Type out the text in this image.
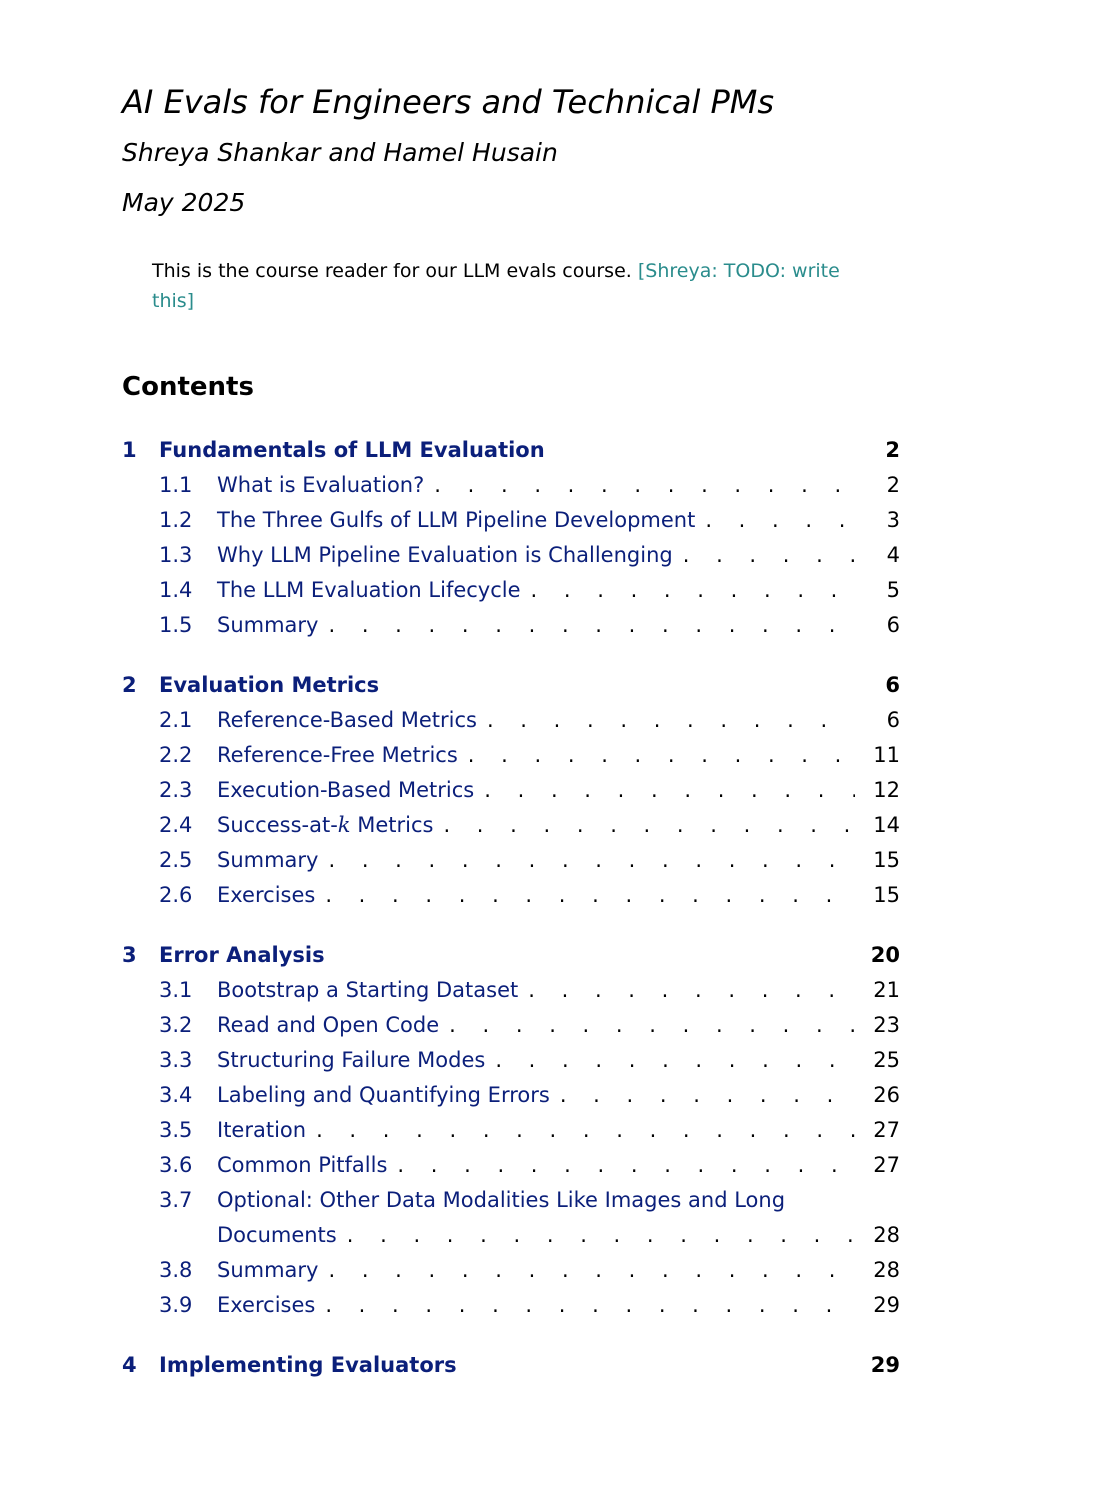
AI Evals for Engineers and Technical PMs
Shreya Shankar and Hamel Husain
May 2025
This is the course reader for our LLM evals course. [Shreya: TODO: write this]
Contents
1 Fundamentals of LLM Evaluation	2
1.1 What is Evaluation? . . .	2
1.2 The Three Gulfs of LLM Pipeline Development . . .	3
1.3 Why LLM Pipeline Evaluation is Challenging . . .	4
1.4 The LLM Evaluation Lifecycle . . .	5
1.5 Summary . . .	6
2 Evaluation Metrics	6
2.1 Reference-Based Metrics . . .	6
2.2 Reference-Free Metrics . . .	11
2.3 Execution-Based Metrics . . .	12
2.4 Success-at-k Metrics . . .	14
2.5 Summary . . .	15
2.6 Exercises . . .	15
3 Error Analysis	20
3.1 Bootstrap a Starting Dataset . . .	21
3.2 Read and Open Code . . .	23
3.3 Structuring Failure Modes . . .	25
3.4 Labeling and Quantifying Errors . . .	26
3.5 Iteration . . .	27
3.6 Common Pitfalls . . .	27
3.7 Optional: Other Data Modalities Like Images and Long
Documents . . .	28
3.8 Summary . . .	28
3.9 Exercises . . .	29
4 Implementing Evaluators	29
